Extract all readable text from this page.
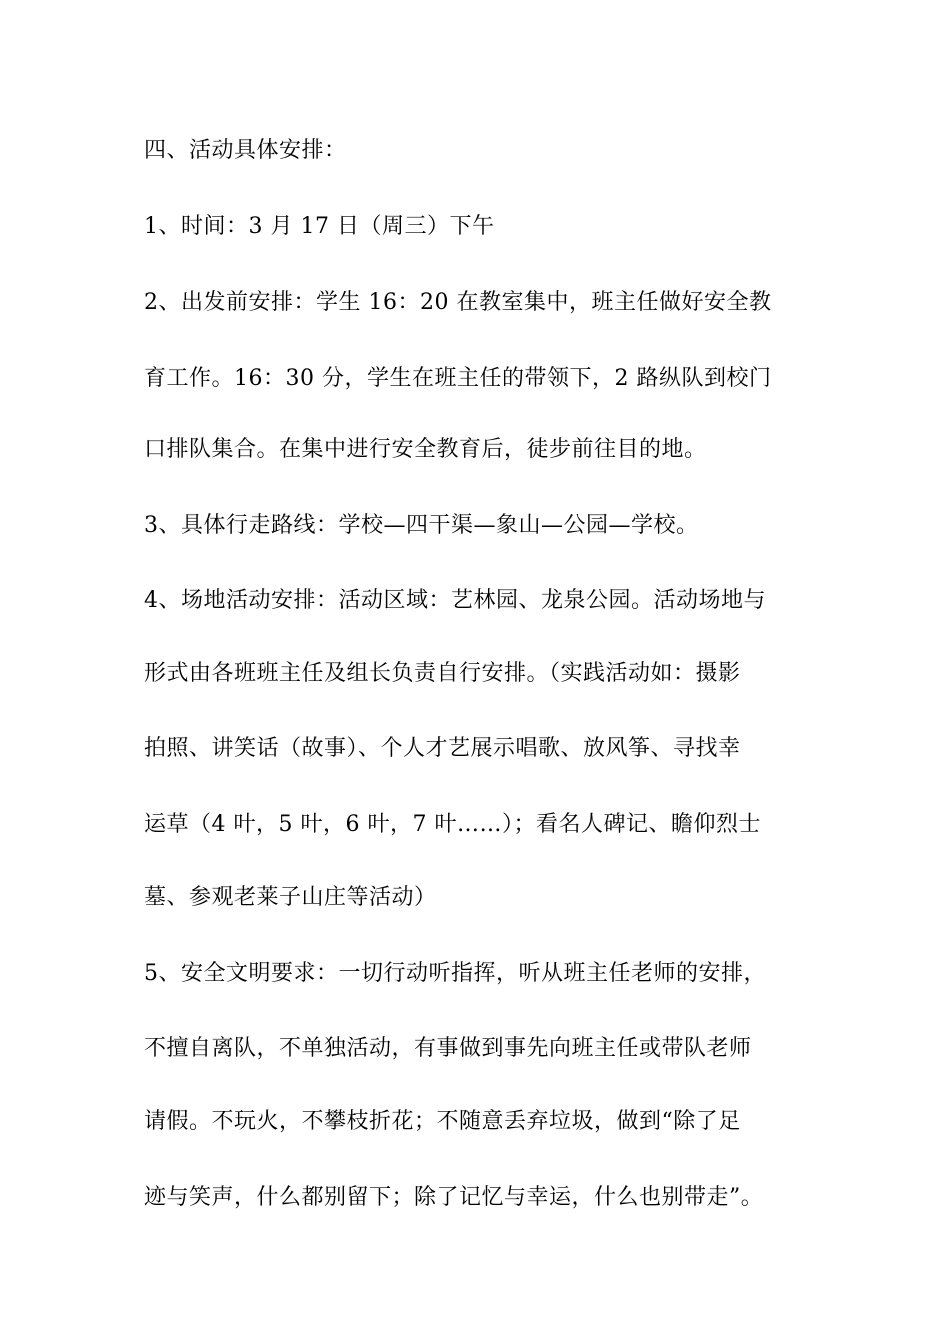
四、活动具体安排：
1、时间：3 月 17 日（周三）下午
2、出发前安排：学生 16：20 在教室集中，班主任做好安全教
育工作。16：30 分，学生在班主任的带领下，2 路纵队到校门
口排队集合。在集中进行安全教育后，徒步前往目的地。
3、具体行走路线：学校—四干渠—象山—公园—学校。
4、场地活动安排：活动区域：艺林园、龙泉公园。活动场地与
形式由各班班主任及组长负责自行安排。（实践活动如：摄影
拍照、讲笑话（故事）、个人才艺展示唱歌、放风筝、寻找幸
运草（4 叶，5 叶，6 叶，7 叶……）；看名人碑记、瞻仰烈士
墓、参观老莱子山庄等活动）
5、安全文明要求：一切行动听指挥，听从班主任老师的安排，
不擅自离队，不单独活动，有事做到事先向班主任或带队老师
请假。不玩火，不攀枝折花；不随意丢弃垃圾，做到“除了足
迹与笑声，什么都别留下；除了记忆与幸运，什么也别带走”。
